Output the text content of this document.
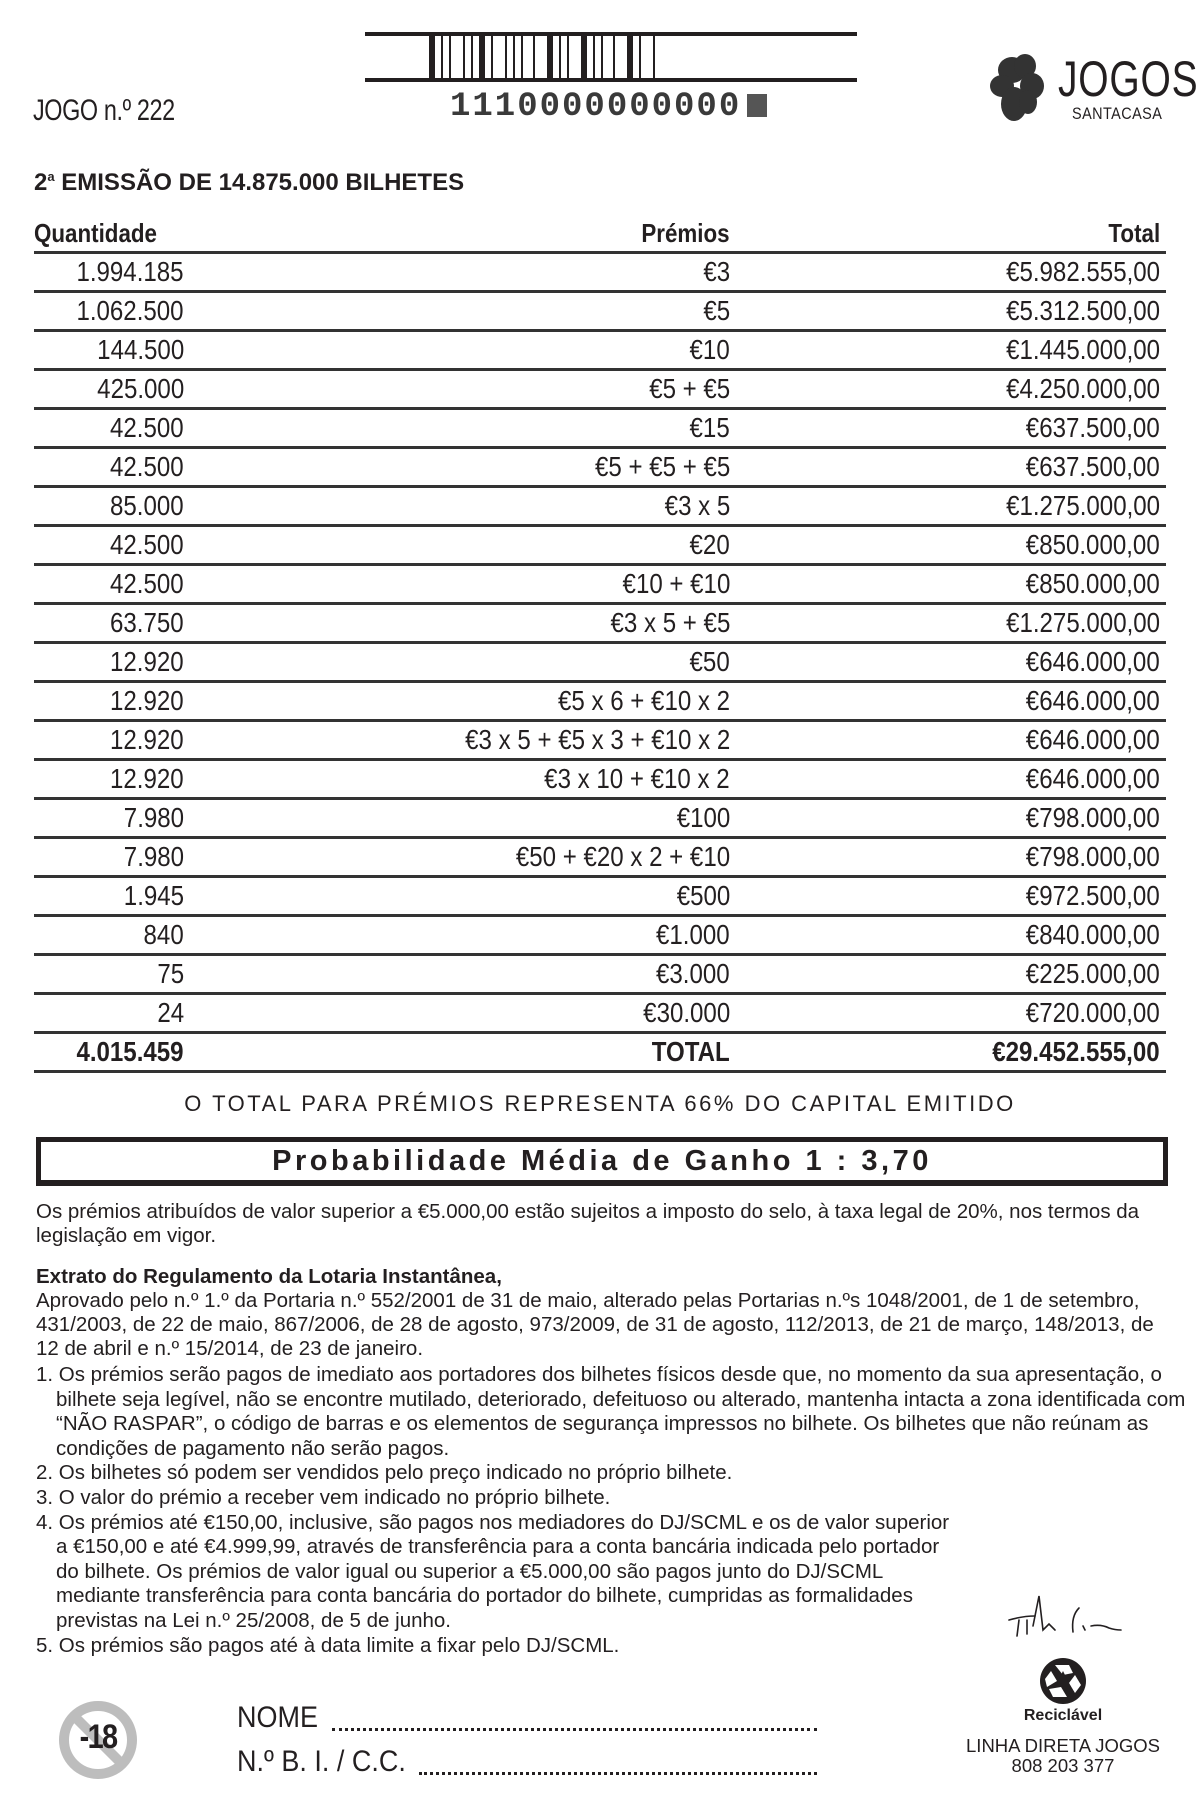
JOGO n.º 222	1110000000000	JOGOS
SANTACASA
2$^a$ EMISSÃO DE 14.875.000 BILHETES
Quantidade	Prémios	Total
1.994.185	€3	€5.982.555,00
1.062.500	€5	€5.312.500,00
144.500	€10	€1.445.000,00
425.000	€5 + €5	€4.250.000,00
42.500	€15	€637.500,00
42.500	€5 + €5 + €5	€637.500,00
85.000	€3 x 5	€1.275.000,00
42.500	€20	€850.000,00
42.500	€10 + €10	€850.000,00
63.750	€3 x 5 + €5	€1.275.000,00
12.920	€50	€646.000,00
12.920	€5 x 6 + €10 x 2	€646.000,00
12.920	€3 x 5 + €5 x 3 + €10 x 2	€646.000,00
12.920	€3 x 10 + €10 x 2	€646.000,00
7.980	€100	€798.000,00
7.980	€50 + €20 x 2 + €10	€798.000,00
1.945	€500	€972.500,00
840	€1.000	€840.000,00
75	€3.000	€225.000,00
24	€30.000	€720.000,00
4.015.459	TOTAL	€29.452.555,00
O TOTAL PARA PRÉMIOS REPRESENTA 66% DO CAPITAL EMITIDO
Probabilidade Média de Ganho 1 : 3,70
Os prémios atribuídos de valor superior a €5.000,00 estão sujeitos a imposto do selo, à taxa legal de 20%, nos termos da legislação em vigor.
Extrato do Regulamento da Lotaria Instantânea,
Aprovado pelo n.º 1.º da Portaria n.º 552/2001 de 31 de maio, alterado pelas Portarias n.ºs 1048/2001, de 1 de setembro, 431/2003, de 22 de maio, 867/2006, de 28 de agosto, 973/2009, de 31 de agosto, 112/2013, de 21 de março, 148/2013, de 12 de abril e n.º 15/2014, de 23 de janeiro.
1. Os prémios serão pagos de imediato aos portadores dos bilhetes físicos desde que, no momento da sua apresentação, o bilhete seja legível, não se encontre mutilado, deteriorado, defeituoso ou alterado, mantenha intacta a zona identificada com “NÃO RASPAR”, o código de barras e os elementos de segurança impressos no bilhete. Os bilhetes que não reúnam as condições de pagamento não serão pagos.
2. Os bilhetes só podem ser vendidos pelo preço indicado no próprio bilhete.
3. O valor do prémio a receber vem indicado no próprio bilhete.
4. Os prémios até €150,00, inclusive, são pagos nos mediadores do DJ/SCML e os de valor superior a €150,00 e até €4.999,99, através de transferência para a conta bancária indicada pelo portador do bilhete. Os prémios de valor igual ou superior a €5.000,00 são pagos junto do DJ/SCML mediante transferência para conta bancária do portador do bilhete, cumpridas as formalidades previstas na Lei n.º 25/2008, de 5 de junho.
5. Os prémios são pagos até à data limite a fixar pelo DJ/SCML.
Reciclável
LINHA DIRETA JOGOS
808 203 377
-18
NOME
N.º B. I. / C.C.
